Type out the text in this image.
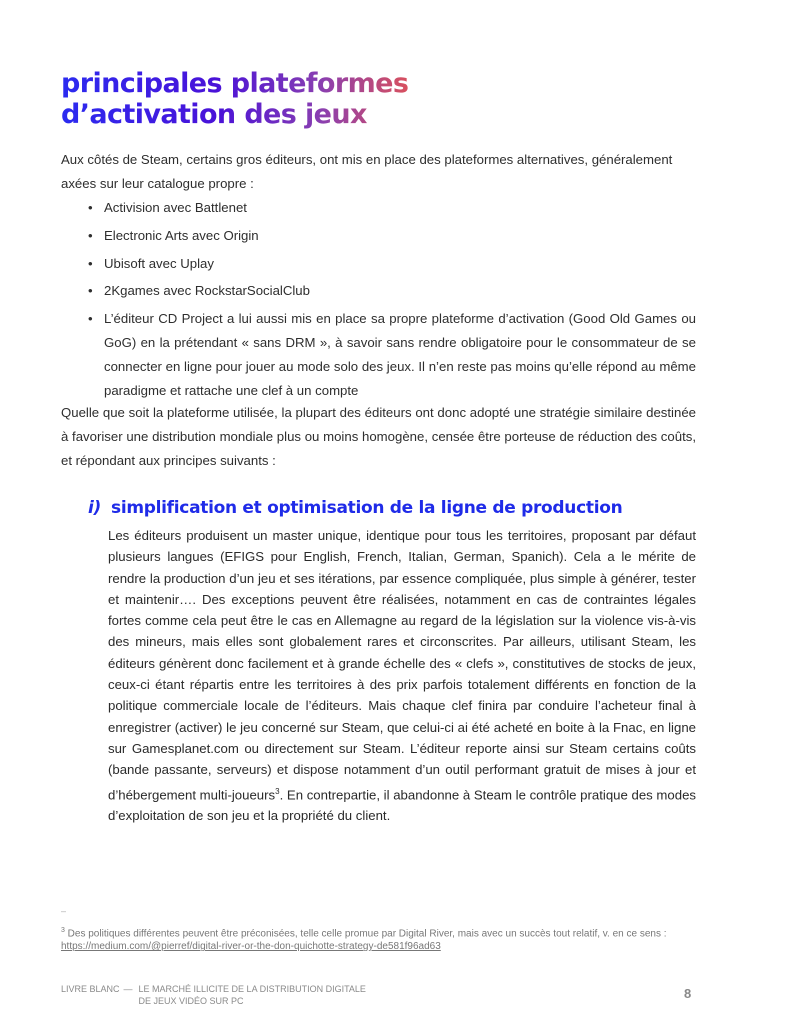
principales plateformes
d’activation des jeux

Aux côtés de Steam, certains gros éditeurs, ont mis en place des plateformes alternatives, généralement axées sur leur catalogue propre :

• Activision avec Battlenet
• Electronic Arts avec Origin
• Ubisoft avec Uplay
• 2Kgames avec RockstarSocialClub
• L’éditeur CD Project a lui aussi mis en place sa propre plateforme d’activation (Good Old Games ou GoG) en la prétendant « sans DRM », à savoir sans rendre obligatoire pour le consommateur de se connecter en ligne pour jouer au mode solo des jeux. Il n’en reste pas moins qu’elle répond au même paradigme et rattache une clef à un compte

Quelle que soit la plateforme utilisée, la plupart des éditeurs ont donc adopté une stratégie similaire destinée à favoriser une distribution mondiale plus ou moins homogène, censée être porteuse de réduction des coûts, et répondant aux principes suivants :

i) simplification et optimisation de la ligne de production

Les éditeurs produisent un master unique, identique pour tous les territoires, proposant par défaut plusieurs langues (EFIGS pour English, French, Italian, German, Spanich). Cela a le mérite de rendre la production d’un jeu et ses itérations, par essence compliquée, plus simple à générer, tester et maintenir…. Des exceptions peuvent être réalisées, notamment en cas de contraintes légales fortes comme cela peut être le cas en Allemagne au regard de la législation sur la violence vis-à-vis des mineurs, mais elles sont globalement rares et circonscrites. Par ailleurs, utilisant Steam, les éditeurs génèrent donc facilement et à grande échelle des « clefs », constitutives de stocks de jeux, ceux-ci étant répartis entre les territoires à des prix parfois totalement différents en fonction de la politique commerciale locale de l’éditeurs. Mais chaque clef finira par conduire l’acheteur final à enregistrer (activer) le jeu concerné sur Steam, que celui-ci ai été acheté en boite à la Fnac, en ligne sur Gamesplanet.com ou directement sur Steam. L’éditeur reporte ainsi sur Steam certains coûts (bande passante, serveurs) et dispose notamment d’un outil performant gratuit de mises à jour et d’hébergement multi-joueurs$^3$. En contrepartie, il abandonne à Steam le contrôle pratique des modes d’exploitation de son jeu et la propriété du client.

–

$^3$ Des politiques différentes peuvent être préconisées, telle celle promue par Digital River, mais avec un succès tout relatif, v. en ce sens : https://medium.com/@pierref/digital-river-or-the-don-quichotte-strategy-de581f96ad63

LIVRE BLANC — LE MARCHÉ ILLICITE DE LA DISTRIBUTION DIGITALE
DE JEUX VIDÉO SUR PC	8
